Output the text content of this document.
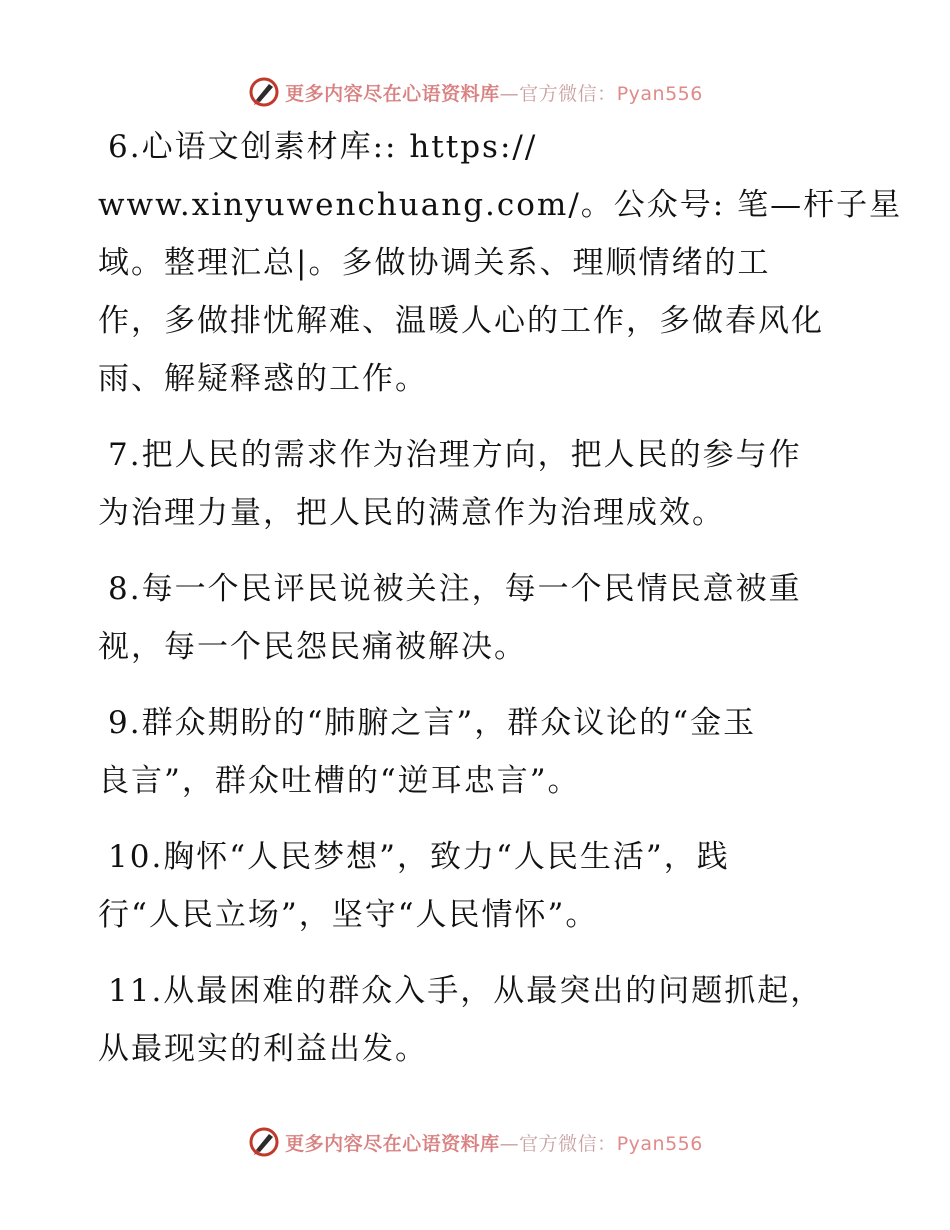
更多内容尽在心语资料库—官方微信：Pyan556

6.心语文创素材库:: https://
www.xinyuwenchuang.com/。公众号: 笔—杆子星
域。整理汇总|。多做协调关系、理顺情绪的工
作，多做排忧解难、温暖人心的工作，多做春风化
雨、解疑释惑的工作。

7.把人民的需求作为治理方向，把人民的参与作
为治理力量，把人民的满意作为治理成效。

8.每一个民评民说被关注，每一个民情民意被重
视，每一个民怨民痛被解决。

9.群众期盼的“肺腑之言”，群众议论的“金玉
良言”，群众吐槽的“逆耳忠言”。

10.胸怀“人民梦想”，致力“人民生活”，践
行“人民立场”，坚守“人民情怀”。

11.从最困难的群众入手，从最突出的问题抓起，
从最现实的利益出发。

更多内容尽在心语资料库—官方微信：Pyan556
